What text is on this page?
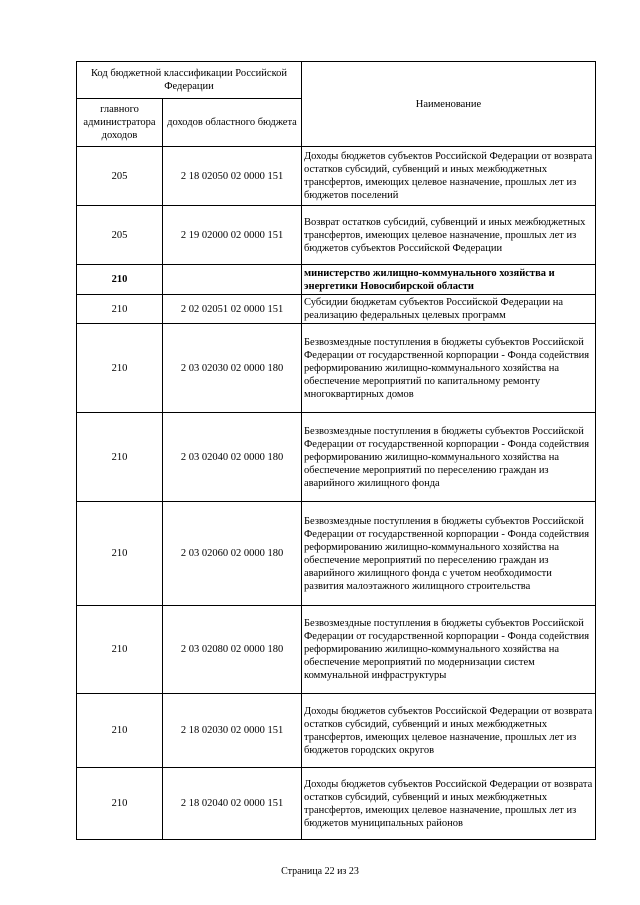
Код бюджетной классификации Российской Федерации		Наименование
главного администратора доходов	доходов областного бюджета	
205	2 18 02050 02 0000 151	Доходы бюджетов субъектов Российской Федерации от возврата остатков субсидий, субвенций и иных межбюджетных трансфертов, имеющих целевое назначение, прошлых лет из бюджетов поселений
205	2 19 02000 02 0000 151	Возврат остатков субсидий, субвенций и иных межбюджетных трансфертов, имеющих целевое назначение, прошлых лет из бюджетов субъектов Российской Федерации
210		министерство жилищно-коммунального хозяйства и энергетики Новосибирской области
210	2 02 02051 02 0000 151	Субсидии бюджетам субъектов Российской Федерации на реализацию федеральных целевых программ
210	2 03 02030 02 0000 180	Безвозмездные поступления в бюджеты субъектов Российской Федерации от государственной корпорации - Фонда содействия реформированию жилищно-коммунального хозяйства на обеспечение мероприятий по капитальному ремонту многоквартирных домов
210	2 03 02040 02 0000 180	Безвозмездные поступления в бюджеты субъектов Российской Федерации от государственной корпорации - Фонда содействия реформированию жилищно-коммунального хозяйства на обеспечение мероприятий по переселению граждан из аварийного жилищного фонда
210	2 03 02060 02 0000 180	Безвозмездные поступления в бюджеты субъектов Российской Федерации от государственной корпорации - Фонда содействия реформированию жилищно-коммунального хозяйства на обеспечение мероприятий по переселению граждан из аварийного жилищного фонда с учетом необходимости развития малоэтажного жилищного строительства
210	2 03 02080 02 0000 180	Безвозмездные поступления в бюджеты субъектов Российской Федерации от государственной корпорации - Фонда содействия реформированию жилищно-коммунального хозяйства на обеспечение мероприятий по модернизации систем коммунальной инфраструктуры
210	2 18 02030 02 0000 151	Доходы бюджетов субъектов Российской Федерации от возврата остатков субсидий, субвенций и иных межбюджетных трансфертов, имеющих целевое назначение, прошлых лет из бюджетов городских округов
210	2 18 02040 02 0000 151	Доходы бюджетов субъектов Российской Федерации от возврата остатков субсидий, субвенций и иных межбюджетных трансфертов, имеющих целевое назначение, прошлых лет из бюджетов муниципальных районов
Страница 22 из 23
